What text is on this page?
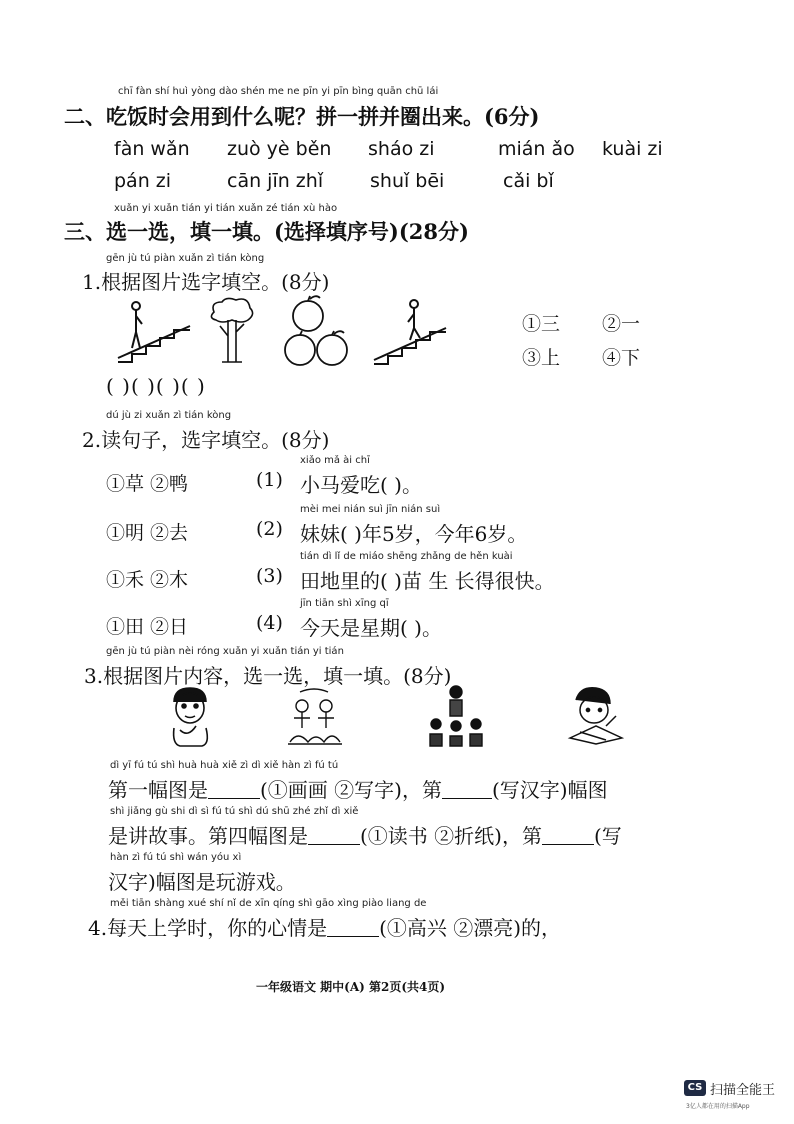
chī fàn shí huì yòng dào shén me ne pīn yi pīn bìng quān chū lái
二、吃饭时会用到什么呢？拼一拼并圈出来。(6分)
fàn wǎn zuò yè běn sháo zi	mián ǎo kuài zi
pán zi	cān jīn zhǐ shuǐ bēi	cǎi bǐ
xuǎn yi xuǎn tián yi tián xuǎn zé tián xù hào
三、选一选，填一填。(选择填序号)(28分)
gēn jù tú piàn xuǎn zì tián kòng
1.根据图片选字填空。(8分)
①三 ②一
③上 ④下
( )( )( )( )
dú jù zi xuǎn zì tián kòng
2.读句子，选字填空。(8分)
xiǎo mǎ ài chī
①草 ②鸭	(1) 小马爱吃( )。
mèi mei nián suì jīn nián suì
①明 ②去	(2) 妹妹( )年5岁，今年6岁。
tián dì lǐ de miáo shēng zhǎng de hěn kuài
①禾 ②木	(3) 田地里的( )苗 生 长得很快。
jīn tiān shì xīng qī
①田 ②日	(4) 今天是星期( )。
gēn jù tú piàn nèi róng xuǎn yi xuǎn tián yi tián
3.根据图片内容，选一选，填一填。(8分)
dì yī fú tú shì huà huà xiě zì dì xiě hàn zì fú tú
第一幅图是	(①画画 ②写字)，第	(写汉字)幅图
shì jiǎng gù shi dì sì fú tú shì dú shū zhé zhǐ dì xiě
是讲故事。第四幅图是	(①读书 ②折纸)，第	(写
hàn zì fú tú shì wán yóu xì
汉字)幅图是玩游戏。
měi tiān shàng xué shí nǐ de xīn qíng shì gāo xìng piào liang de
4.每天上学时，你的心情是	(①高兴 ②漂亮)的，
一年级语文 期中(A) 第2页(共4页)
CS 扫描全能王
3亿人都在用的扫描App
